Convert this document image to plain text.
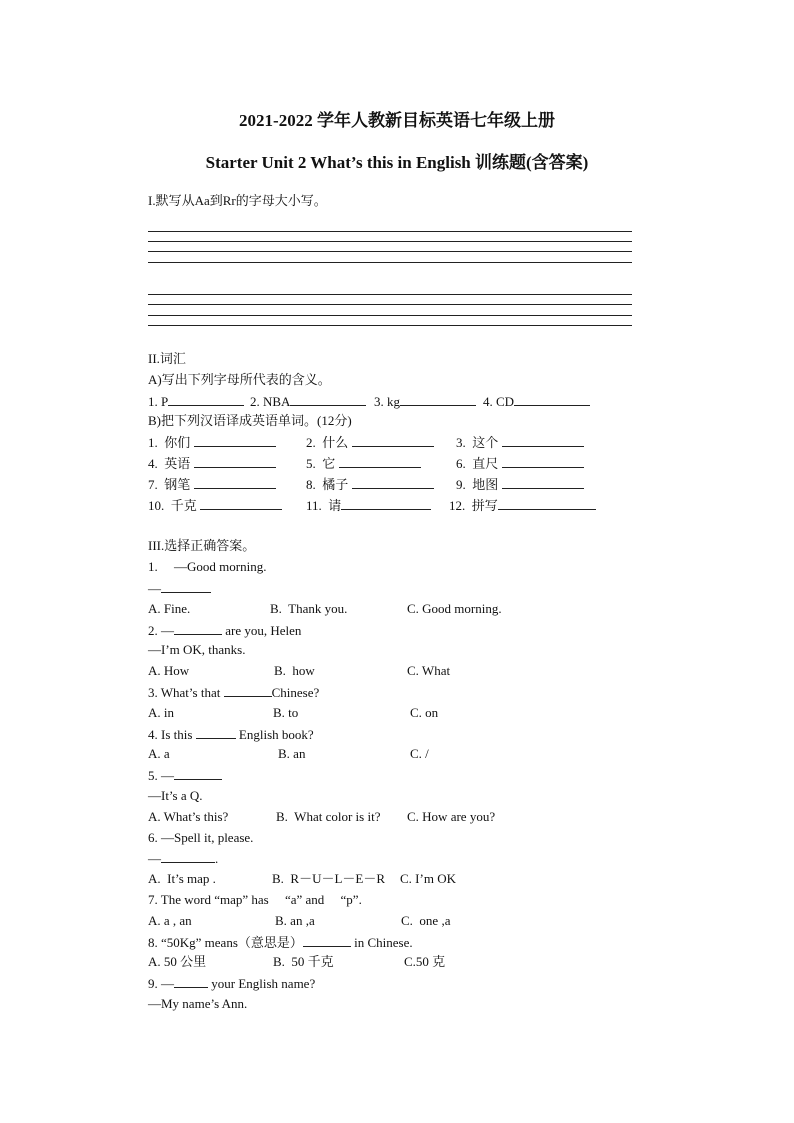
2021-2022 学年人教新目标英语七年级上册
Starter Unit 2 What’s this in English 训练题(含答案)
I.默写从Aa到Rr的字母大小写。
II.词汇
A)写出下列字母所代表的含义。
1. P	2. NBA	3. kg	4. CD
B)把下列汉语译成英语单词。(12分)
1.  你们	2.  什么	3.  这个
4.  英语	5.  它	6.  直尺
7.  钢笔	8.  橘子	9.  地图
10.  千克	11.  请	12.  拼写
III.选择正确答案。
1.     —Good morning.
—
A. Fine.	B.  Thank you.	C. Good morning.
2. —	are you, Helen
—I’m OK, thanks.
A. How	B.  how	C. What
3. What’s that	Chinese?
A. in	B. to	C. on
4. Is this	English book?
A. a	B. an	C. /
5. —
—It’s a Q.
A. What’s this?	B.  What color is it? C. How are you?
6. —Spell it, please.
—	.
A.  It’s map .	B.  R－U－L－E－R C. I’m OK
7. The word “map” has     “a” and     “p”.
A. a , an	B. an ,a	C.  one ,a
8. “50Kg” means（意思是）	in Chinese.
A. 50 公里	B.  50 千克	C.50 克
9. —	your English name?
—My name’s Ann.
